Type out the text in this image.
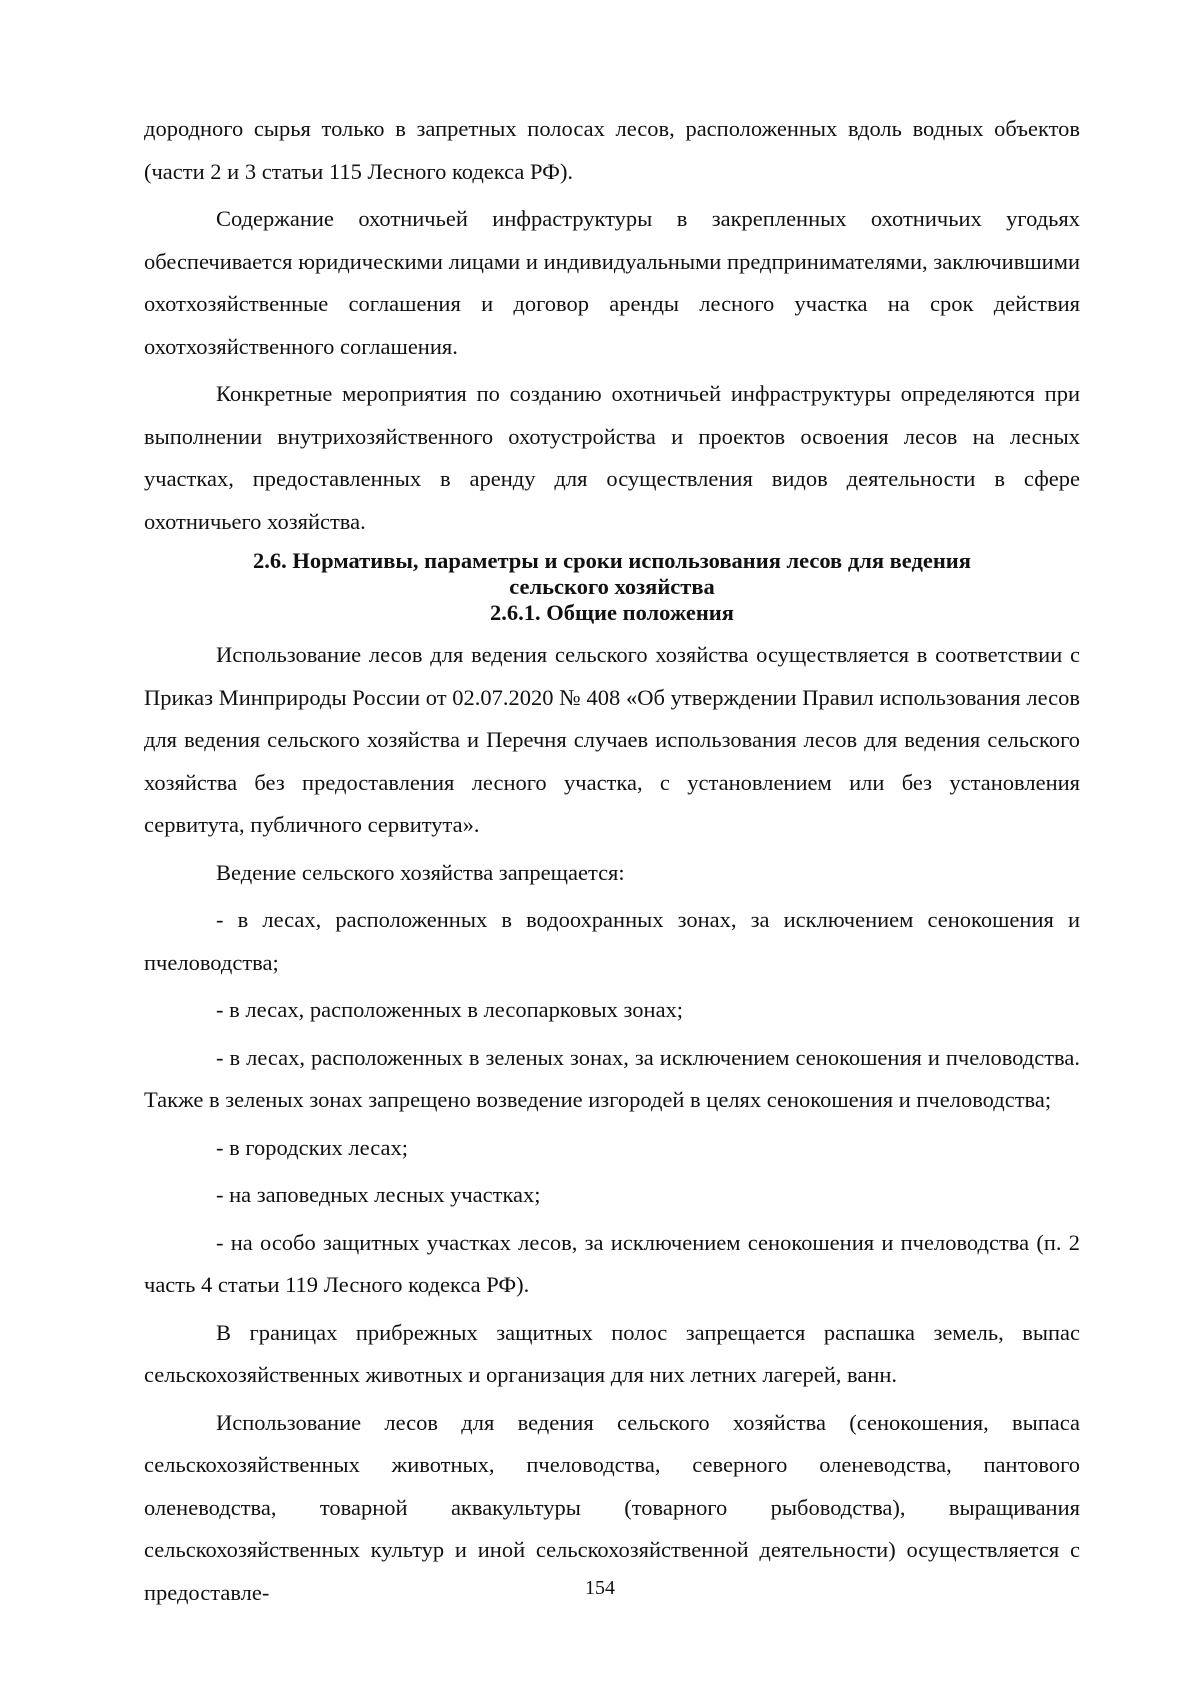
дородного сырья только в запретных полосах лесов, расположенных вдоль водных объектов (части 2 и 3 статьи 115 Лесного кодекса РФ).

Содержание охотничьей инфраструктуры в закрепленных охотничьих угодьях обеспечивается юридическими лицами и индивидуальными предпринимателями, заключившими охотхозяйственные соглашения и договор аренды лесного участка на срок действия охотхозяйственного соглашения.

Конкретные мероприятия по созданию охотничьей инфраструктуры определяются при выполнении внутрихозяйственного охотустройства и проектов освоения лесов на лесных участках, предоставленных в аренду для осуществления видов деятельности в сфере охотничьего хозяйства.

2.6. Нормативы, параметры и сроки использования лесов для ведения
сельского хозяйства
2.6.1. Общие положения

Использование лесов для ведения сельского хозяйства осуществляется в соответствии с Приказ Минприроды России от 02.07.2020 № 408 «Об утверждении Правил использования лесов для ведения сельского хозяйства и Перечня случаев использования лесов для ведения сельского хозяйства без предоставления лесного участка, с установлением или без установления сервитута, публичного сервитута».

Ведение сельского хозяйства запрещается:

- в лесах, расположенных в водоохранных зонах, за исключением сенокошения и пчеловодства;

- в лесах, расположенных в лесопарковых зонах;

- в лесах, расположенных в зеленых зонах, за исключением сенокошения и пчеловодства. Также в зеленых зонах запрещено возведение изгородей в целях сенокошения и пчеловодства;

- в городских лесах;

- на заповедных лесных участках;

- на особо защитных участках лесов, за исключением сенокошения и пчеловодства (п. 2 часть 4 статьи 119 Лесного кодекса РФ).

В границах прибрежных защитных полос запрещается распашка земель, выпас сельскохозяйственных животных и организация для них летних лагерей, ванн.

Использование лесов для ведения сельского хозяйства (сенокошения, выпаса сельскохозяйственных животных, пчеловодства, северного оленеводства, пантового оленеводства, товарной аквакультуры (товарного рыбоводства), выращивания сельскохозяйственных культур и иной сельскохозяйственной деятельности) осуществляется с предоставле-	154
